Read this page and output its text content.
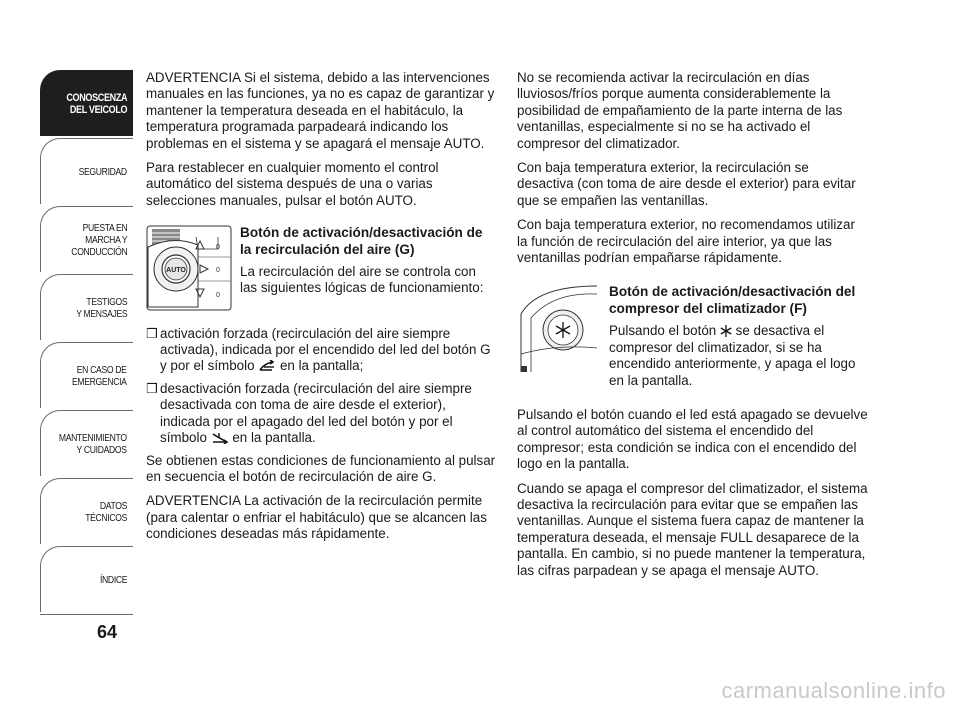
CONOSCENZA
DEL VEICOLO
SEGURIDAD
PUESTA EN
MARCHA Y
CONDUCCIÓN
TESTIGOS
Y MENSAJES
EN CASO DE
EMERGENCIA
MANTENIMIENTO
Y CUIDADOS
DATOS
TÉCNICOS
ÍNDICE
64

ADVERTENCIA Si el sistema, debido a las intervenciones manuales en las funciones, ya no es capaz de garantizar y mantener la temperatura deseada en el habitáculo, la temperatura programada parpadeará indicando los problemas en el sistema y se apagará el mensaje AUTO.

Para restablecer en cualquier momento el control automático del sistema después de una o varias selecciones manuales, pulsar el botón AUTO.

AUTO
0
0
0
Botón de activación/desactivación de la recirculación del aire (G)

La recirculación del aire se controla con las siguientes lógicas de funcionamiento:

❒ activación forzada (recirculación del aire siempre activada), indicada por el encendido del led del botón G y por el símbolo  en la pantalla;
❒ desactivación forzada (recirculación del aire siempre desactivada con toma de aire desde el exterior), indicada por el apagado del led del botón y por el símbolo  en la pantalla.

Se obtienen estas condiciones de funcionamiento al pulsar en secuencia el botón de recirculación de aire G.

ADVERTENCIA La activación de la recirculación permite (para calentar o enfriar el habitáculo) que se alcancen las condiciones deseadas más rápidamente.

No se recomienda activar la recirculación en días lluviosos/fríos porque aumenta considerablemente la posibilidad de empañamiento de la parte interna de las ventanillas, especialmente si no se ha activado el compresor del climatizador.

Con baja temperatura exterior, la recirculación se desactiva (con toma de aire desde el exterior) para evitar que se empañen las ventanillas.

Con baja temperatura exterior, no recomendamos utilizar la función de recirculación del aire interior, ya que las ventanillas podrían empañarse rápidamente.

Botón de activación/desactivación del compresor del climatizador (F)

Pulsando el botón  se desactiva el compresor del climatizador, si se ha encendido anteriormente, y apaga el logo en la pantalla.

Pulsando el botón cuando el led está apagado se devuelve al control automático del sistema el encendido del compresor; esta condición se indica con el encendido del logo en la pantalla.

Cuando se apaga el compresor del climatizador, el sistema desactiva la recirculación para evitar que se empañen las ventanillas. Aunque el sistema fuera capaz de mantener la temperatura deseada, el mensaje FULL desaparece de la pantalla. En cambio, si no puede mantener la temperatura, las cifras parpadean y se apaga el mensaje AUTO.

carmanualsonline.info
